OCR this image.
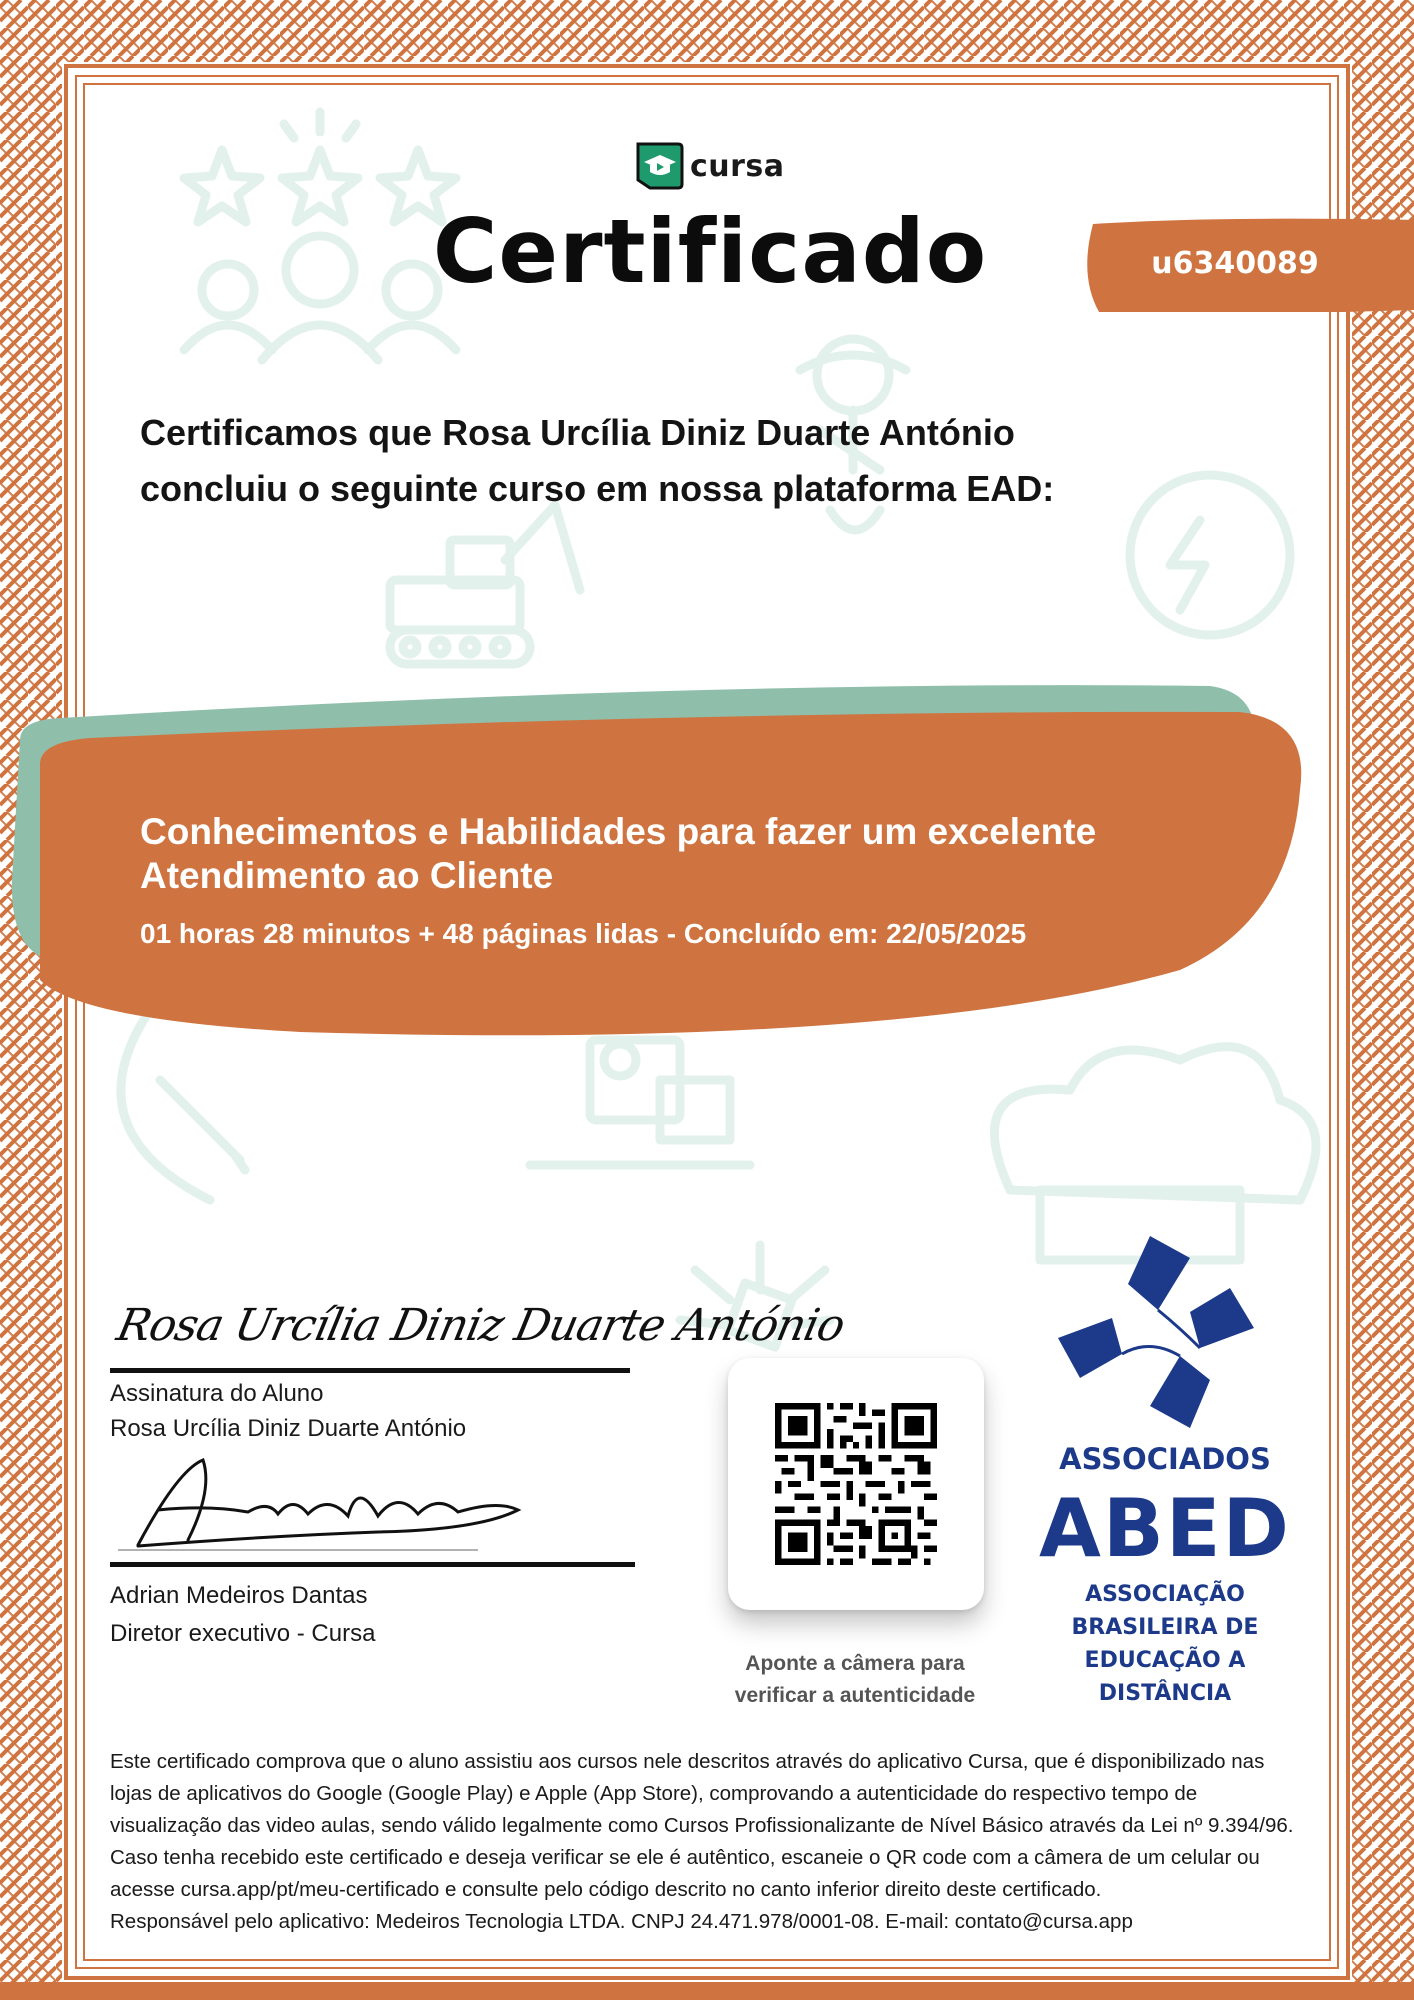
cursa
Certificado	u6340089
Certificamos que Rosa Urcília Diniz Duarte António
concluiu o seguinte curso em nossa plataforma EAD:
Conhecimentos e Habilidades para fazer um excelente
Atendimento ao Cliente
01 horas 28 minutos + 48 páginas lidas - Concluído em: 22/05/2025
Rosa Urcília Diniz Duarte António
Assinatura do Aluno
Rosa Urcília Diniz Duarte António
Adrian Medeiros Dantas
Diretor executivo - Cursa
Aponte a câmera para
verificar a autenticidade
ASSOCIADOS
ABED
ASSOCIAÇÃO
BRASILEIRA DE
EDUCAÇÃO A
DISTÂNCIA

Este certificado comprova que o aluno assistiu aos cursos nele descritos através do aplicativo Cursa, que é disponibilizado nas lojas de aplicativos do Google (Google Play) e Apple (App Store), comprovando a autenticidade do respectivo tempo de visualização das video aulas, sendo válido legalmente como Cursos Profissionalizante de Nível Básico através da Lei nº 9.394/96. Caso tenha recebido este certificado e deseja verificar se ele é autêntico, escaneie o QR code com a câmera de um celular ou acesse cursa.app/pt/meu-certificado e consulte pelo código descrito no canto inferior direito deste certificado.

Responsável pelo aplicativo: Medeiros Tecnologia LTDA. CNPJ 24.471.978/0001-08. E-mail: contato@cursa.app
